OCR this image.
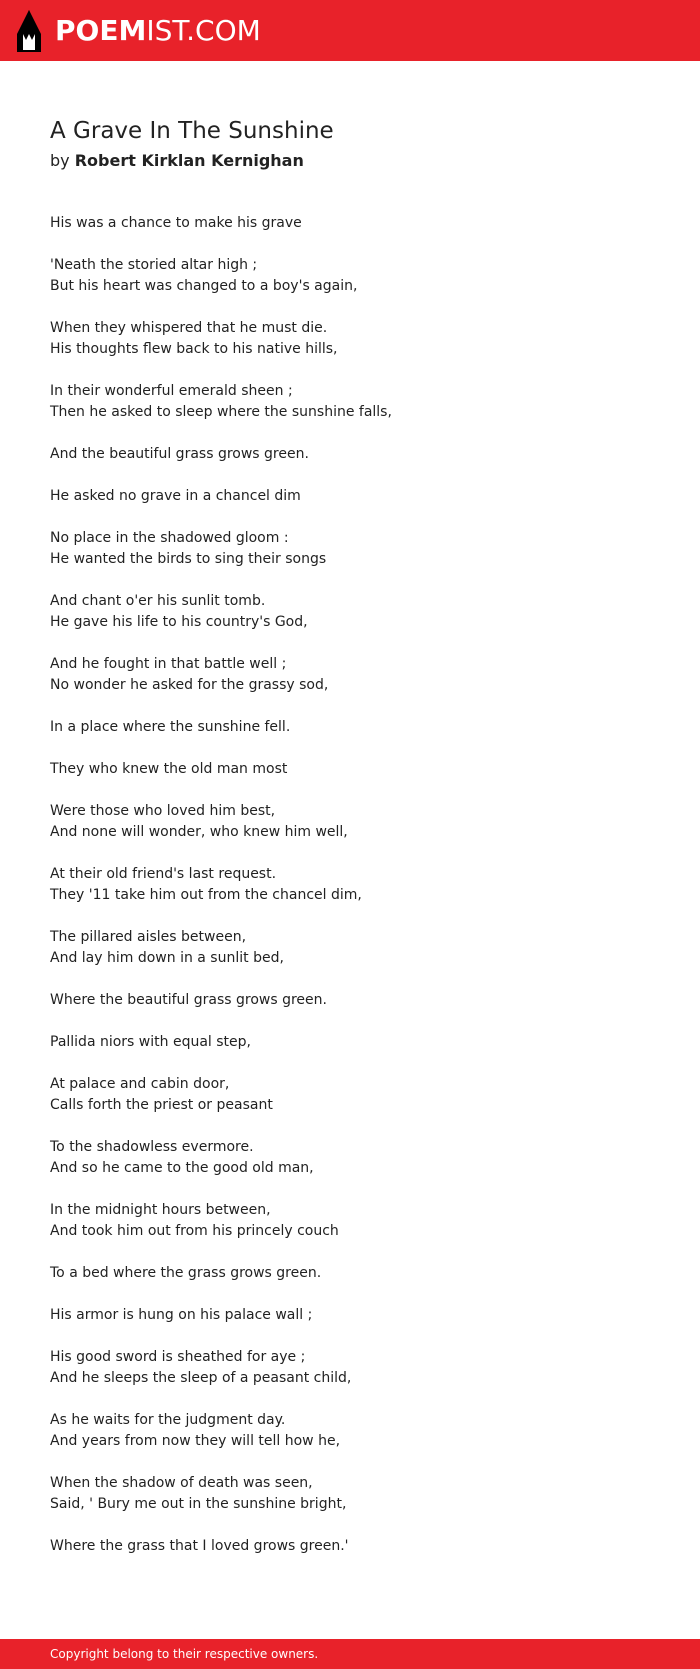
POEMIST.COM
A Grave In The Sunshine

by Robert Kirklan Kernighan

His was a chance to make his grave

'Neath the storied altar high ;
But his heart was changed to a boy's again,

When they whispered that he must die.
His thoughts flew back to his native hills,

In their wonderful emerald sheen ;
Then he asked to sleep where the sunshine falls,

And the beautiful grass grows green.

He asked no grave in a chancel dim

No place in the shadowed gloom :
He wanted the birds to sing their songs

And chant o'er his sunlit tomb.
He gave his life to his country's God,

And he fought in that battle well ;
No wonder he asked for the grassy sod,

In a place where the sunshine fell.

They who knew the old man most

Were those who loved him best,
And none will wonder, who knew him well,

At their old friend's last request.
They '11 take him out from the chancel dim,

The pillared aisles between,
And lay him down in a sunlit bed,

Where the beautiful grass grows green.

Pallida niors with equal step,

At palace and cabin door,
Calls forth the priest or peasant

To the shadowless evermore.
And so he came to the good old man,

In the midnight hours between,
And took him out from his princely couch

To a bed where the grass grows green.

His armor is hung on his palace wall ;

His good sword is sheathed for aye ;
And he sleeps the sleep of a peasant child,

As he waits for the judgment day.
And years from now they will tell how he,

When the shadow of death was seen,
Said, ' Bury me out in the sunshine bright,

Where the grass that I loved grows green.'

Copyright belong to their respective owners.
